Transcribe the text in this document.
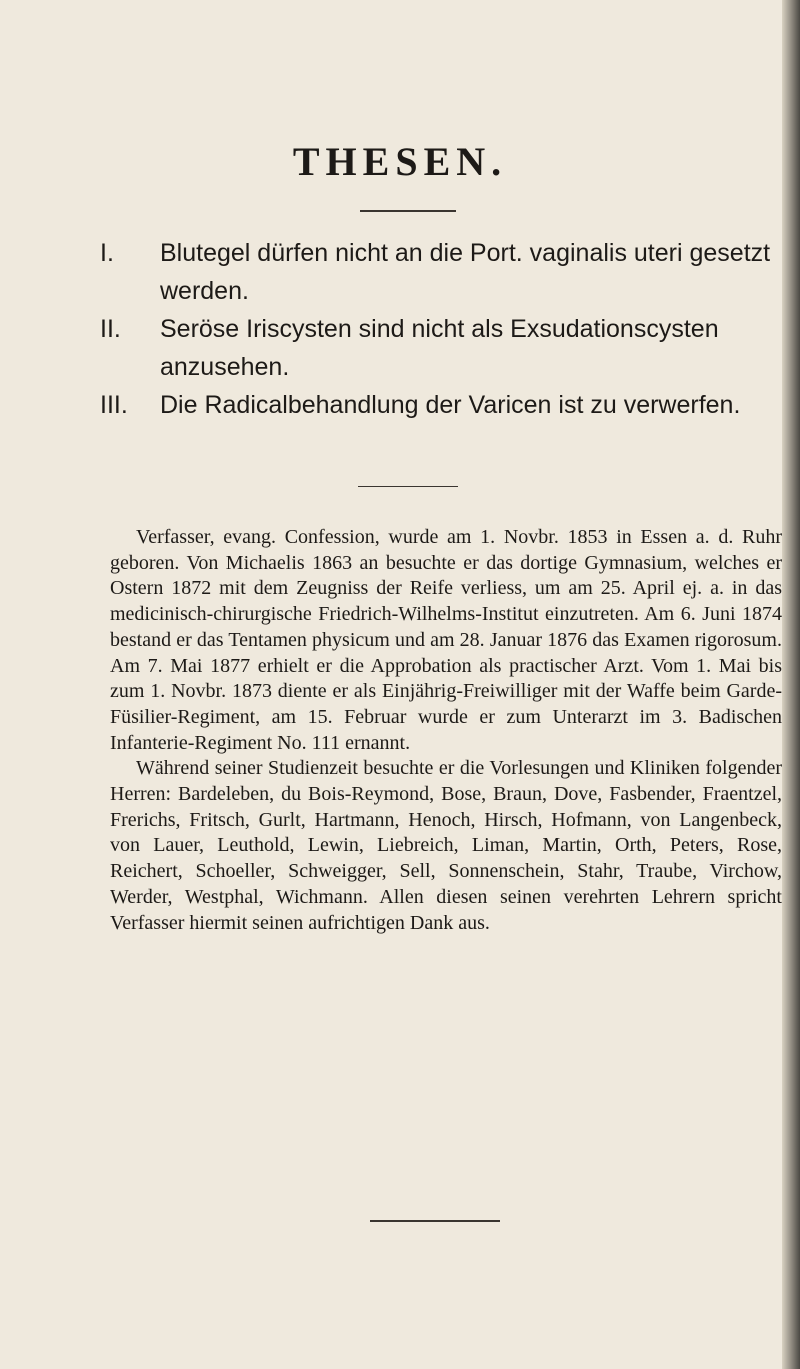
THESEN.
I.	Blutegel dürfen nicht an die Port. vaginalis uteri gesetzt werden.
II.	Seröse Iriscysten sind nicht als Exsudationscysten anzusehen.
III.	Die Radicalbehandlung der Varicen ist zu verwerfen.

Verfasser, evang. Confession, wurde am 1. Novbr. 1853 in Essen a. d. Ruhr geboren. Von Michaelis 1863 an besuchte er das dortige Gymnasium, welches er Ostern 1872 mit dem Zeugniss der Reife verliess, um am 25. April ej. a. in das medicinisch-chirurgische Friedrich-Wilhelms-Institut einzutreten. Am 6. Juni 1874 bestand er das Tentamen physicum und am 28. Januar 1876 das Examen rigorosum. Am 7. Mai 1877 erhielt er die Approbation als practischer Arzt. Vom 1. Mai bis zum 1. Novbr. 1873 diente er als Einjährig-Freiwilliger mit der Waffe beim Garde-Füsilier-Regiment, am 15. Februar wurde er zum Unterarzt im 3. Badischen Infanterie-Regiment No. 111 ernannt.

Während seiner Studienzeit besuchte er die Vorlesungen und Kliniken folgender Herren: Bardeleben, du Bois-Reymond, Bose, Braun, Dove, Fasbender, Fraentzel, Frerichs, Fritsch, Gurlt, Hartmann, Henoch, Hirsch, Hofmann, von Langenbeck, von Lauer, Leuthold, Lewin, Liebreich, Liman, Martin, Orth, Peters, Rose, Reichert, Schoeller, Schweigger, Sell, Sonnenschein, Stahr, Traube, Virchow, Werder, Westphal, Wichmann. Allen diesen seinen verehrten Lehrern spricht Verfasser hiermit seinen aufrichtigen Dank aus.
